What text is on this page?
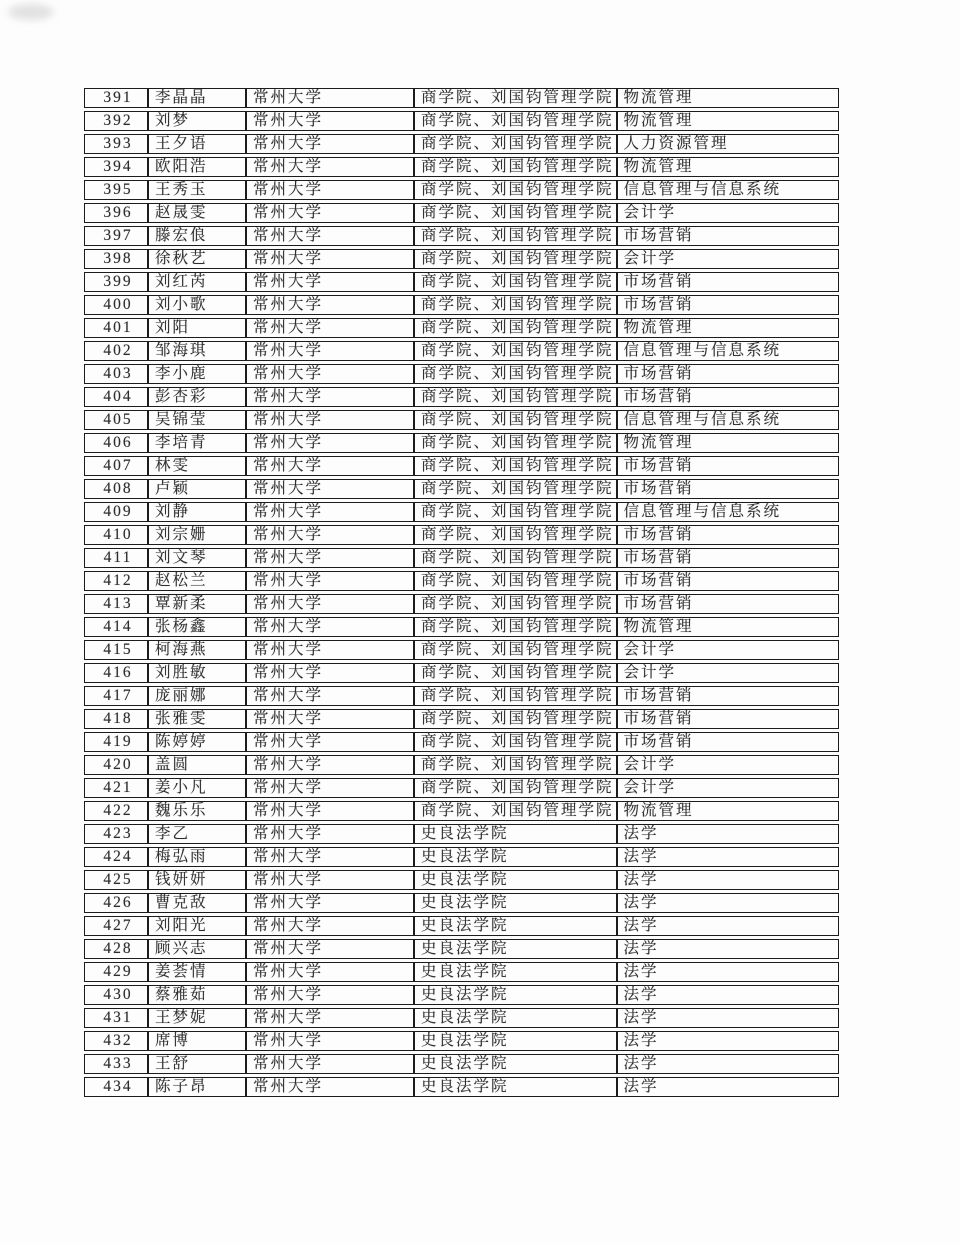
391	李晶晶	常州大学	商学院、刘国钧管理学院	物流管理
392	刘梦	常州大学	商学院、刘国钧管理学院	物流管理
393	王夕语	常州大学	商学院、刘国钧管理学院	人力资源管理
394	欧阳浩	常州大学	商学院、刘国钧管理学院	物流管理
395	王秀玉	常州大学	商学院、刘国钧管理学院	信息管理与信息系统
396	赵晟雯	常州大学	商学院、刘国钧管理学院	会计学
397	滕宏俍	常州大学	商学院、刘国钧管理学院	市场营销
398	徐秋艺	常州大学	商学院、刘国钧管理学院	会计学
399	刘红芮	常州大学	商学院、刘国钧管理学院	市场营销
400	刘小歌	常州大学	商学院、刘国钧管理学院	市场营销
401	刘阳	常州大学	商学院、刘国钧管理学院	物流管理
402	邹海琪	常州大学	商学院、刘国钧管理学院	信息管理与信息系统
403	李小鹿	常州大学	商学院、刘国钧管理学院	市场营销
404	彭杏彩	常州大学	商学院、刘国钧管理学院	市场营销
405	吴锦莹	常州大学	商学院、刘国钧管理学院	信息管理与信息系统
406	李培青	常州大学	商学院、刘国钧管理学院	物流管理
407	林雯	常州大学	商学院、刘国钧管理学院	市场营销
408	卢颖	常州大学	商学院、刘国钧管理学院	市场营销
409	刘静	常州大学	商学院、刘国钧管理学院	信息管理与信息系统
410	刘宗姗	常州大学	商学院、刘国钧管理学院	市场营销
411	刘文琴	常州大学	商学院、刘国钧管理学院	市场营销
412	赵松兰	常州大学	商学院、刘国钧管理学院	市场营销
413	覃新柔	常州大学	商学院、刘国钧管理学院	市场营销
414	张杨鑫	常州大学	商学院、刘国钧管理学院	物流管理
415	柯海燕	常州大学	商学院、刘国钧管理学院	会计学
416	刘胜敏	常州大学	商学院、刘国钧管理学院	会计学
417	庞丽娜	常州大学	商学院、刘国钧管理学院	市场营销
418	张雅雯	常州大学	商学院、刘国钧管理学院	市场营销
419	陈婷婷	常州大学	商学院、刘国钧管理学院	市场营销
420	盖圆	常州大学	商学院、刘国钧管理学院	会计学
421	姜小凡	常州大学	商学院、刘国钧管理学院	会计学
422	魏乐乐	常州大学	商学院、刘国钧管理学院	物流管理
423	李乙	常州大学	史良法学院	法学
424	梅弘雨	常州大学	史良法学院	法学
425	钱妍妍	常州大学	史良法学院	法学
426	曹克敌	常州大学	史良法学院	法学
427	刘阳光	常州大学	史良法学院	法学
428	顾兴志	常州大学	史良法学院	法学
429	姜荟情	常州大学	史良法学院	法学
430	蔡雅茹	常州大学	史良法学院	法学
431	王梦妮	常州大学	史良法学院	法学
432	席博	常州大学	史良法学院	法学
433	王舒	常州大学	史良法学院	法学
434	陈子昂	常州大学	史良法学院	法学
